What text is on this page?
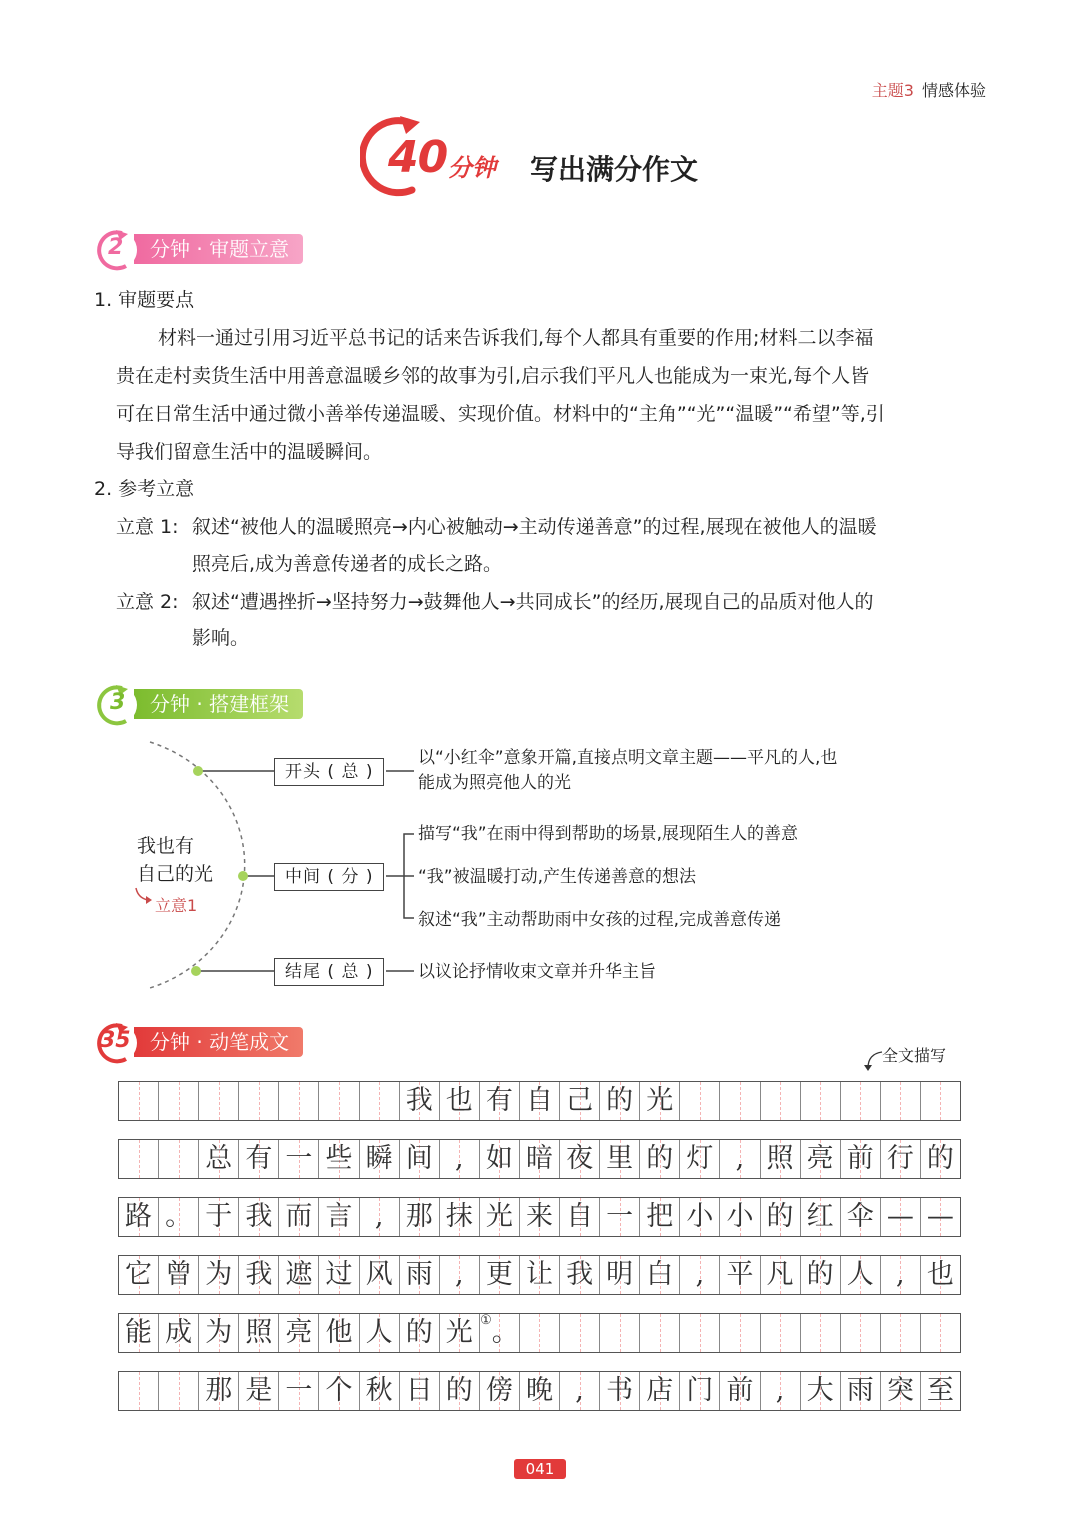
主题3 情感体验
40 分钟 写出满分作文
分钟 · 审题立意
2
1. 审题要点
材料一通过引用习近平总书记的话来告诉我们,每个人都具有重要的作用;材料二以李福
贵在走村卖货生活中用善意温暖乡邻的故事为引,启示我们平凡人也能成为一束光,每个人皆
可在日常生活中通过微小善举传递温暖、实现价值。材料中的“主角”“光”“温暖”“希望”等,引
导我们留意生活中的温暖瞬间。
2. 参考立意
立意 1: 叙述“被他人的温暖照亮→内心被触动→主动传递善意”的过程,展现在被他人的温暖
照亮后,成为善意传递者的成长之路。
立意 2: 叙述“遭遇挫折→坚持努力→鼓舞他人→共同成长”的经历,展现自己的品质对他人的
影响。
分钟 · 搭建框架
3
我也有
自己的光
立意1
开头 ( 总 )
以“小红伞”意象开篇,直接点明文章主题——平凡的人,也
能成为照亮他人的光
中间 ( 分 )
描写“我”在雨中得到帮助的场景,展现陌生人的善意
“我”被温暖打动,产生传递善意的想法
叙述“我”主动帮助雨中女孩的过程,完成善意传递
结尾 ( 总 )	以议论抒情收束文章并升华主旨
分钟 · 动笔成文
35
全文描写
我 也 有 自 己 的 光
总 有 一 些 瞬 间 , 如 暗 夜 里 的 灯 , 照 亮 前 行 的
路 。 于 我 而 言 , 那 抹 光 来 自 一 把 小 小 的 红 伞 — —
它 曾 为 我 遮 过 风 雨 , 更 让 我 明 白 , 平 凡 的 人 , 也
能 成 为 照 亮 他 人 的 光 ①。
那 是 一 个 秋 日 的 傍 晚 , 书 店 门 前 , 大 雨 突 至
041
